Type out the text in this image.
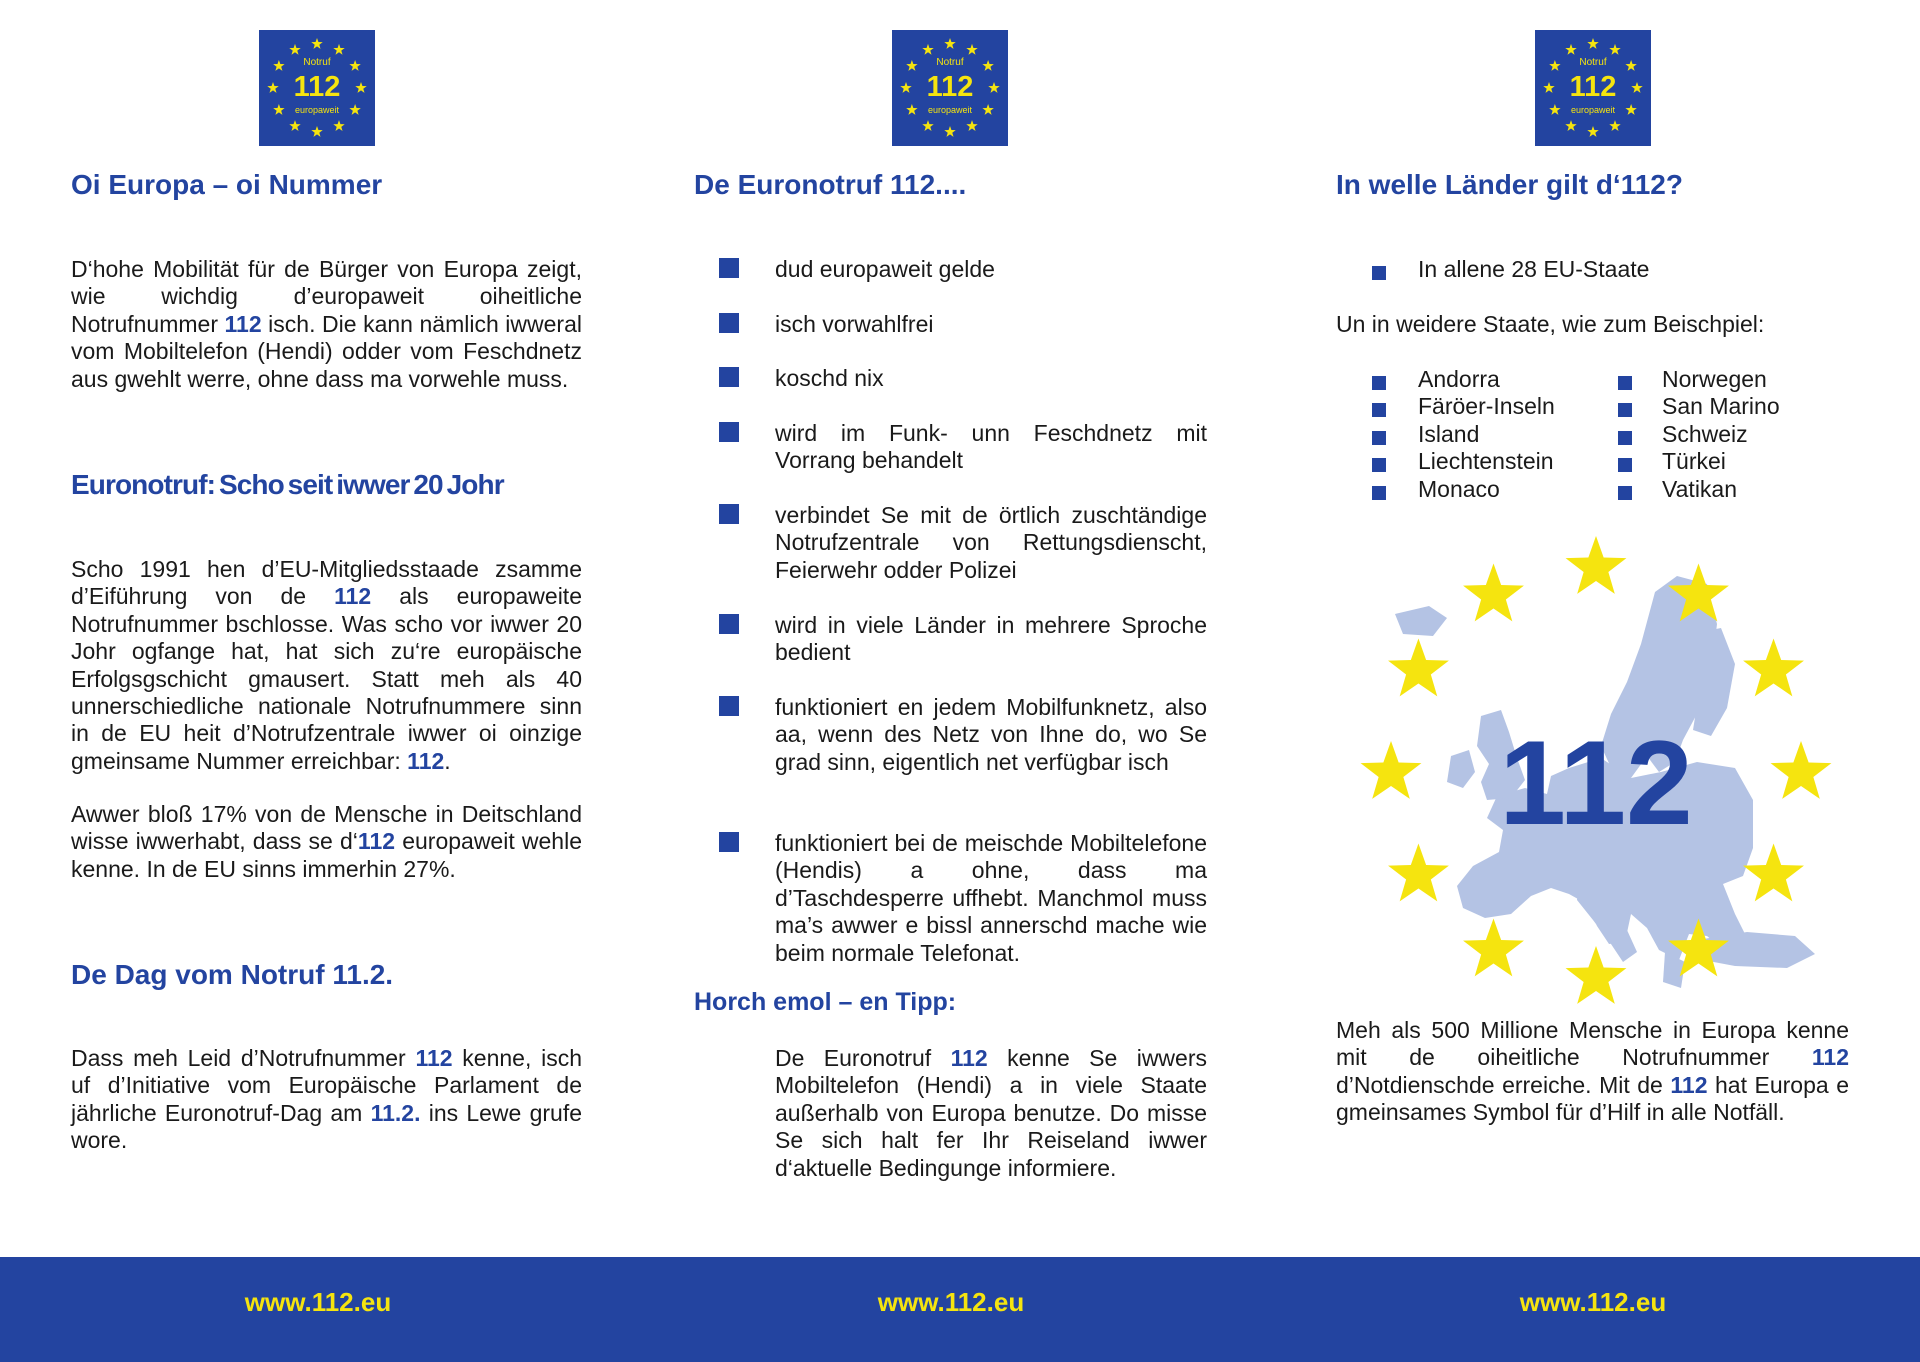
Notruf
112
europaweit
Notruf
112
europaweit
Notruf
112
europaweit
Oi Europa – oi Nummer

D‘hohe Mobilität für de Bürger von Europa zeigt, wie wichdig d’europaweit oiheitliche Notrufnummer 112 isch. Die kann nämlich iwweral vom Mobiltelefon (Hendi) odder vom Feschdnetz aus gwehlt werre, ohne dass ma vorwehle muss.

Euronotruf: Scho seit iwwer 20 Johr

Scho 1991 hen d’EU-Mitgliedsstaade zsamme d’Eiführung von de 112 als europaweite Notrufnummer bschlosse. Was scho vor iwwer 20 Johr ogfange hat, hat sich zu‘re europäische Erfolgsgschicht gmausert. Statt meh als 40 unnerschiedliche nationale Notrufnummere sinn in de EU heit d’Notrufzentrale iwwer oi oinzige gmeinsame Nummer erreichbar: 112.

Awwer bloß 17% von de Mensche in Deitschland wisse iwwerhabt, dass se d‘112 europaweit wehle kenne. In de EU sinns immerhin 27%.

De Dag vom Notruf 11.2.

Dass meh Leid d’Notrufnummer 112 kenne, isch uf d’Initiative vom Europäische Parlament de jährliche Euronotruf-Dag am 11.2. ins Lewe grufe wore.

De Euronotruf 112....
dud europaweit gelde
isch vorwahlfrei
koschd nix
wird im Funk- unn Feschdnetz mit Vorrang behandelt
verbindet Se mit de örtlich zuschtändige Notrufzentrale von Rettungsdienscht, Feierwehr odder Polizei
wird in viele Länder in mehrere Sproche bedient
funktioniert en jedem Mobilfunknetz, also aa, wenn des Netz von Ihne do, wo Se grad sinn, eigentlich net verfügbar isch
funktioniert bei de meischde Mobiltelefone (Hendis) a ohne, dass ma d’Taschdesperre uffhebt. Manchmol muss ma’s awwer e bissl annerschd mache wie beim normale Telefonat.
Horch emol – en Tipp:

De Euronotruf 112 kenne Se iwwers Mobiltelefon (Hendi) a in viele Staate außerhalb von Europa benutze. Do misse Se sich halt fer Ihr Reiseland iwwer d‘aktuelle Bedingunge informiere.

In welle Länder gilt d‘112?
In allene 28 EU-Staate
Un in weidere Staate, wie zum Beischpiel:
Andorra
Färöer-Inseln
Island
Liechtenstein
Monaco
Norwegen
San Marino
Schweiz
Türkei
Vatikan
112

Meh als 500 Millione Mensche in Europa kenne mit de oiheitliche Notrufnummer 112 d’Notdienschde erreiche. Mit de 112 hat Europa e gmeinsames Symbol für d’Hilf in alle Notfäll.

www.112.eu	www.112.eu	www.112.eu
